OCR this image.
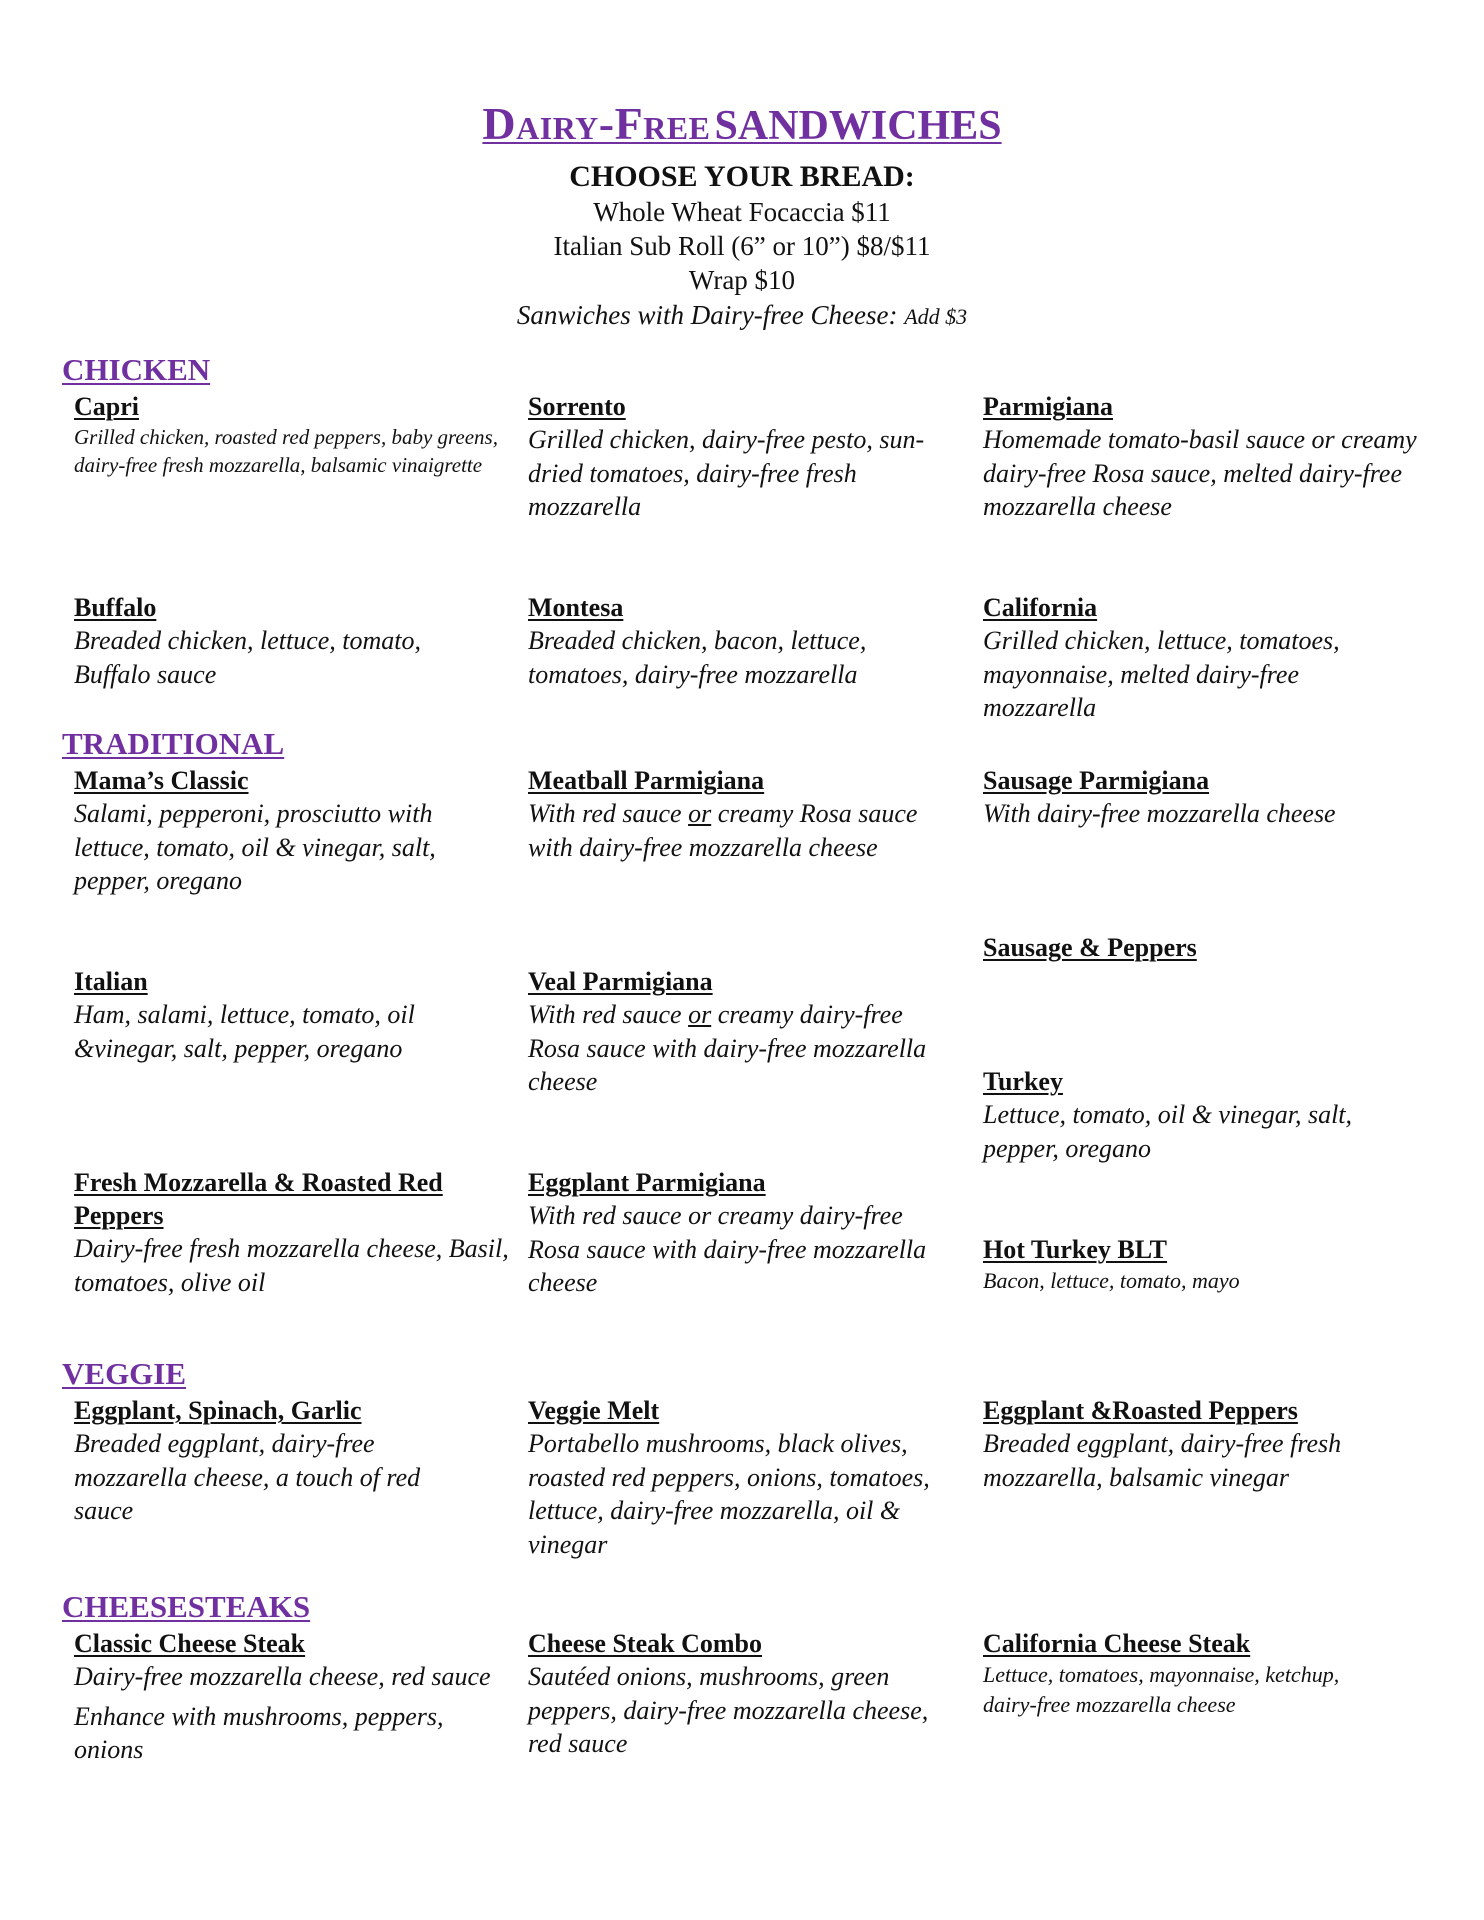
Dairy-Free SANDWICHES
CHOOSE YOUR BREAD:
Whole Wheat Focaccia $11
Italian Sub Roll (6” or 10”) $8/$11
Wrap $10
Sanwiches with Dairy-free Cheese: Add $3
CHICKEN
Capri
Grilled chicken, roasted red peppers, baby greens, dairy-free fresh mozzarella, balsamic vinaigrette
Sorrento
Grilled chicken, dairy-free pesto, sun-dried tomatoes, dairy-free fresh mozzarella
Parmigiana
Homemade tomato-basil sauce or creamy dairy-free Rosa sauce, melted dairy-free mozzarella cheese
Buffalo
Breaded chicken, lettuce, tomato, Buffalo sauce
Montesa
Breaded chicken, bacon, lettuce, tomatoes, dairy-free mozzarella
California
Grilled chicken, lettuce, tomatoes, mayonnaise, melted dairy-free mozzarella
TRADITIONAL
Mama’s Classic
Salami, pepperoni, prosciutto with lettuce, tomato, oil & vinegar, salt, pepper, oregano
Meatball Parmigiana
With red sauce or creamy Rosa sauce with dairy-free mozzarella cheese
Sausage Parmigiana
With dairy-free mozzarella cheese
Sausage & Peppers
Italian
Ham, salami, lettuce, tomato, oil &vinegar, salt, pepper, oregano
Veal Parmigiana
With red sauce or creamy dairy-free Rosa sauce with dairy-free mozzarella cheese	Turkey
Lettuce, tomato, oil & vinegar, salt, pepper, oregano
Fresh Mozzarella & Roasted Red Peppers
Dairy-free fresh mozzarella cheese, Basil, tomatoes, olive oil
Eggplant Parmigiana
With red sauce or creamy dairy-free Rosa sauce with dairy-free mozzarella cheese
Hot Turkey BLT
Bacon, lettuce, tomato, mayo
VEGGIE
Eggplant, Spinach, Garlic
Breaded eggplant, dairy-free mozzarella cheese, a touch of red sauce
Veggie Melt
Portabello mushrooms, black olives, roasted red peppers, onions, tomatoes, lettuce, dairy-free mozzarella, oil & vinegar
Eggplant &Roasted Peppers
Breaded eggplant, dairy-free fresh mozzarella, balsamic vinegar
CHEESESTEAKS
Classic Cheese Steak
Dairy-free mozzarella cheese, red sauce
Enhance with mushrooms, peppers, onions
Cheese Steak Combo
Sautéed onions, mushrooms, green peppers, dairy-free mozzarella cheese, red sauce
California Cheese Steak
Lettuce, tomatoes, mayonnaise, ketchup,
dairy-free mozzarella cheese
